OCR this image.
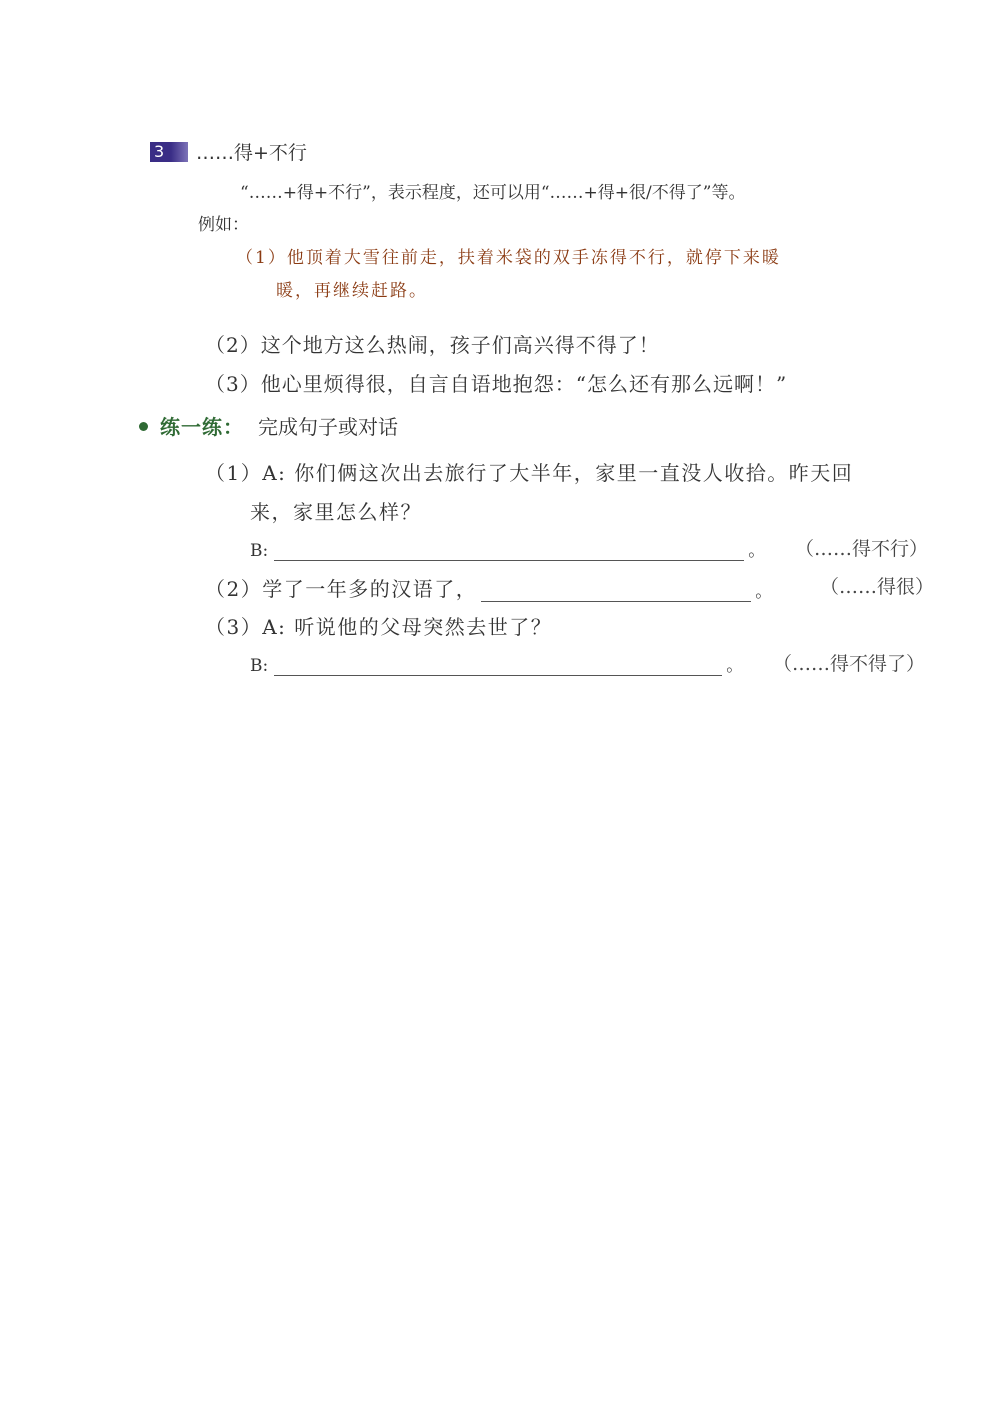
3	……得+不行
“……+得+不行”，表示程度，还可以用“……+得+很/不得了”等。
例如：
（1）他顶着大雪往前走，扶着米袋的双手冻得不行，就停下来暖
暖，再继续赶路。
（2）这个地方这么热闹，孩子们高兴得不得了！
（3）他心里烦得很，自言自语地抱怨：“怎么还有那么远啊！”
练一练： 完成句子或对话
（1）A: 你们俩这次出去旅行了大半年，家里一直没人收拾。昨天回
来，家里怎么样？
B:	。 （……得不行）
（2）学了一年多的汉语了，	。 （……得很）
（3）A: 听说他的父母突然去世了？
B:	。 （……得不得了）
